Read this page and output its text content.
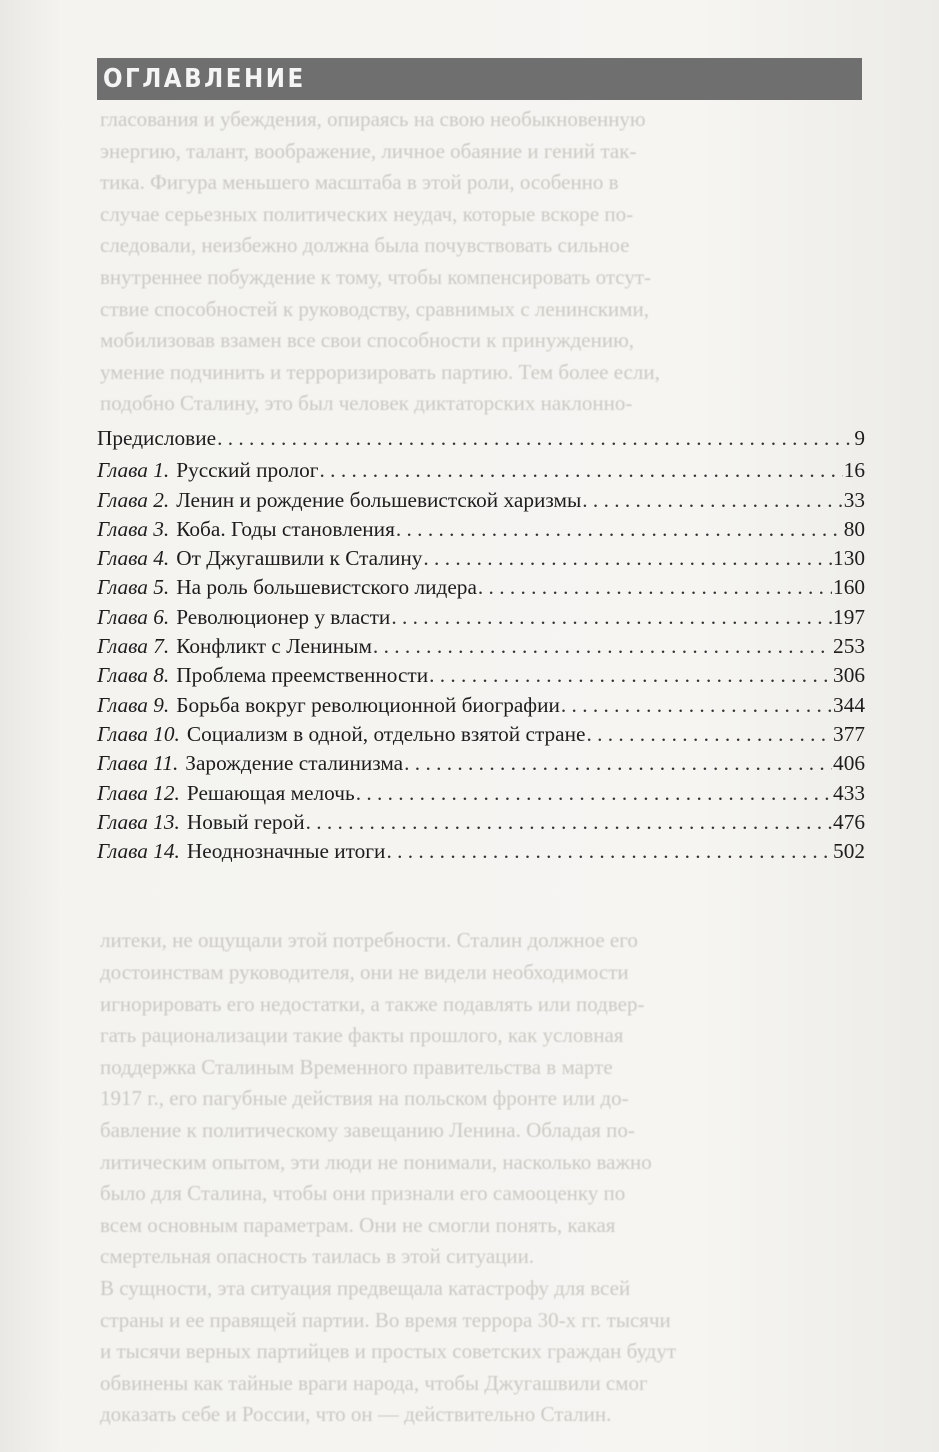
гласования и убеждения, опираясь на свою необыкновенную
энергию, талант, воображение, личное обаяние и гений так-
тика. Фигура меньшего масштаба в этой роли, особенно в
случае серьезных политических неудач, которые вскоре по-
следовали, неизбежно должна была почувствовать сильное
внутреннее побуждение к тому, чтобы компенсировать отсут-
ствие способностей к руководству, сравнимых с ленинскими,
мобилизовав взамен все свои способности к принуждению,
умение подчинить и терроризировать партию. Тем более если,
подобно Сталину, это был человек диктаторских наклонно-

литеки, не ощущали этой потребности. Сталин должное его
достоинствам руководителя, они не видели необходимости
игнорировать его недостатки, а также подавлять или подвер-
гать рационализации такие факты прошлого, как условная
поддержка Сталиным Временного правительства в марте
1917 г., его пагубные действия на польском фронте или до-
бавление к политическому завещанию Ленина. Обладая по-
литическим опытом, эти люди не понимали, насколько важно
было для Сталина, чтобы они признали его самооценку по
всем основным параметрам. Они не смогли понять, какая
смертельная опасность таилась в этой ситуации.
В сущности, эта ситуация предвещала катастрофу для всей
страны и ее правящей партии. Во время террора 30-х гг. тысячи
и тысячи верных партийцев и простых советских граждан будут
обвинены как тайные враги народа, чтобы Джугашвили смог
доказать себе и России, что он — действительно Сталин.
ОГЛАВЛЕНИЕ
Предисловие . . .	9
Глава 1. Русский пролог . . .	16
Глава 2. Ленин и рождение большевистской харизмы . . .	33
Глава 3. Коба. Годы становления . . .	80
Глава 4. От Джугашвили к Сталину . . .	130
Глава 5. На роль большевистского лидера . . .	160
Глава 6. Революционер у власти . . .	197
Глава 7. Конфликт с Лениным . . .	253
Глава 8. Проблема преемственности . . .	306
Глава 9. Борьба вокруг революционной биографии . . .	344
Глава 10. Социализм в одной, отдельно взятой стране . . .	377
Глава 11. Зарождение сталинизма . . .	406
Глава 12. Решающая мелочь . . .	433
Глава 13. Новый герой . . .	476
Глава 14. Неоднозначные итоги . . .	502
